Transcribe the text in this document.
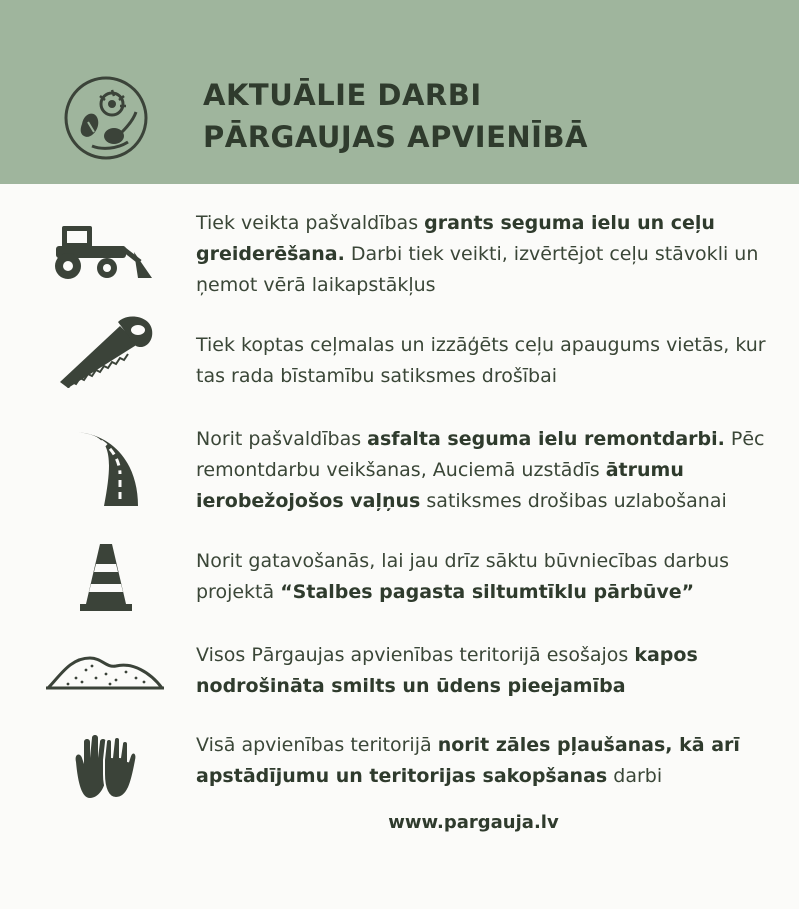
AKTUĀLIE DARBI
PĀRGAUJAS APVIENĪBĀ
Tiek veikta pašvaldības grants seguma ielu un ceļu greiderēšana. Darbi tiek veikti, izvērtējot ceļu stāvokli un ņemot vērā laikapstākļus
Tiek koptas ceļmalas un izzāģēts ceļu apaugums vietās, kur tas rada bīstamību satiksmes drošībai
Norit pašvaldības asfalta seguma ielu remontdarbi. Pēc remontdarbu veikšanas, Auciemā uzstādīs ātrumu ierobežojošos vaļņus satiksmes drošibas uzlabošanai
Norit gatavošanās, lai jau drīz sāktu būvniecības darbus projektā “Stalbes pagasta siltumtīklu pārbūve”
Visos Pārgaujas apvienības teritorijā esošajos kapos nodrošināta smilts un ūdens pieejamība
Visā apvienības teritorijā norit zāles pļaušanas, kā arī apstādījumu un teritorijas sakopšanas darbi
www.pargauja.lv
